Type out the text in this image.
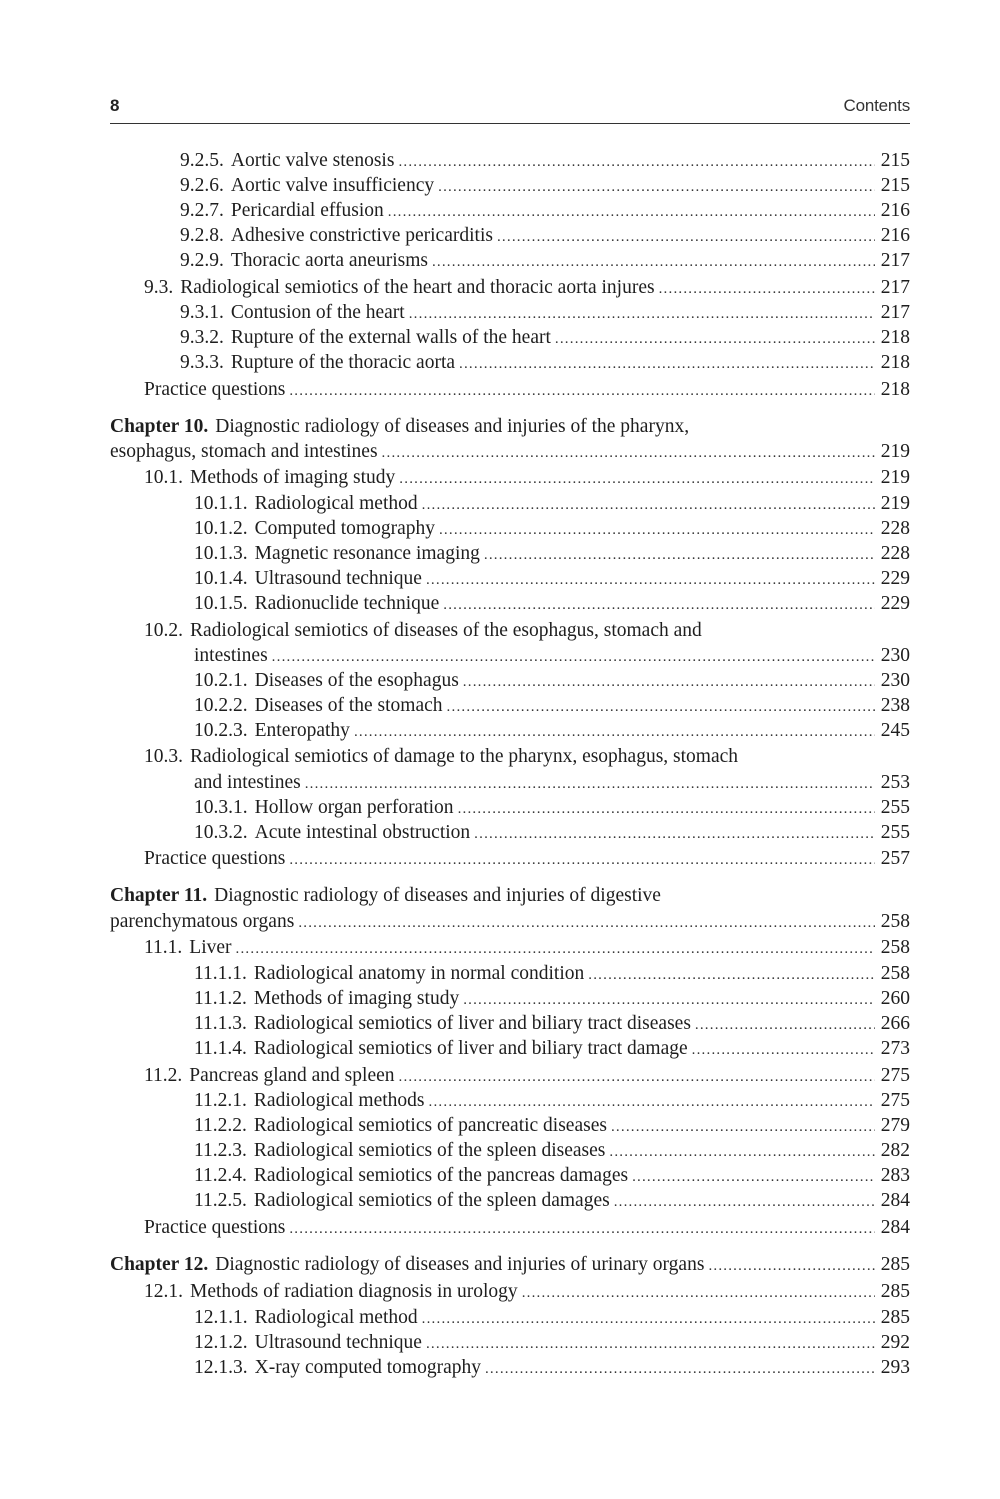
8	Contents
9.2.5. Aortic valve stenosis .....	215
9.2.6. Aortic valve insufficiency .....	215
9.2.7. Pericardial effusion .....	216
9.2.8. Adhesive constrictive pericarditis .....	216
9.2.9. Thoracic aorta aneurisms .....	217
9.3. Radiological semiotics of the heart and thoracic aorta injures .....	217
9.3.1. Contusion of the heart .....	217
9.3.2. Rupture of the external walls of the heart .....	218
9.3.3. Rupture of the thoracic aorta .....	218
Practice questions .....	218
Chapter 10. Diagnostic radiology of diseases and injuries of the pharynx,
esophagus, stomach and intestines .....	219
10.1. Methods of imaging study .....	219
10.1.1. Radiological method .....	219
10.1.2. Computed tomography .....	228
10.1.3. Magnetic resonance imaging .....	228
10.1.4. Ultrasound technique .....	229
10.1.5. Radionuclide technique .....	229
10.2. Radiological semiotics of diseases of the esophagus, stomach and
intestines .....	230
10.2.1. Diseases of the esophagus .....	230
10.2.2. Diseases of the stomach .....	238
10.2.3. Enteropathy .....	245
10.3. Radiological semiotics of damage to the pharynx, esophagus, stomach
and intestines .....	253
10.3.1. Hollow organ perforation .....	255
10.3.2. Acute intestinal obstruction .....	255
Practice questions .....	257
Chapter 11. Diagnostic radiology of diseases and injuries of digestive
parenchymatous organs .....	258
11.1. Liver .....	258
11.1.1. Radiological anatomy in normal condition .....	258
11.1.2. Methods of imaging study .....	260
11.1.3. Radiological semiotics of liver and biliary tract diseases .....	266
11.1.4. Radiological semiotics of liver and biliary tract damage .....	273
11.2. Pancreas gland and spleen .....	275
11.2.1. Radiological methods .....	275
11.2.2. Radiological semiotics of pancreatic diseases .....	279
11.2.3. Radiological semiotics of the spleen diseases .....	282
11.2.4. Radiological semiotics of the pancreas damages .....	283
11.2.5. Radiological semiotics of the spleen damages .....	284
Practice questions .....	284
Chapter 12. Diagnostic radiology of diseases and injuries of urinary organs .....	285
12.1. Methods of radiation diagnosis in urology .....	285
12.1.1. Radiological method .....	285
12.1.2. Ultrasound technique .....	292
12.1.3. X-ray computed tomography .....	293
